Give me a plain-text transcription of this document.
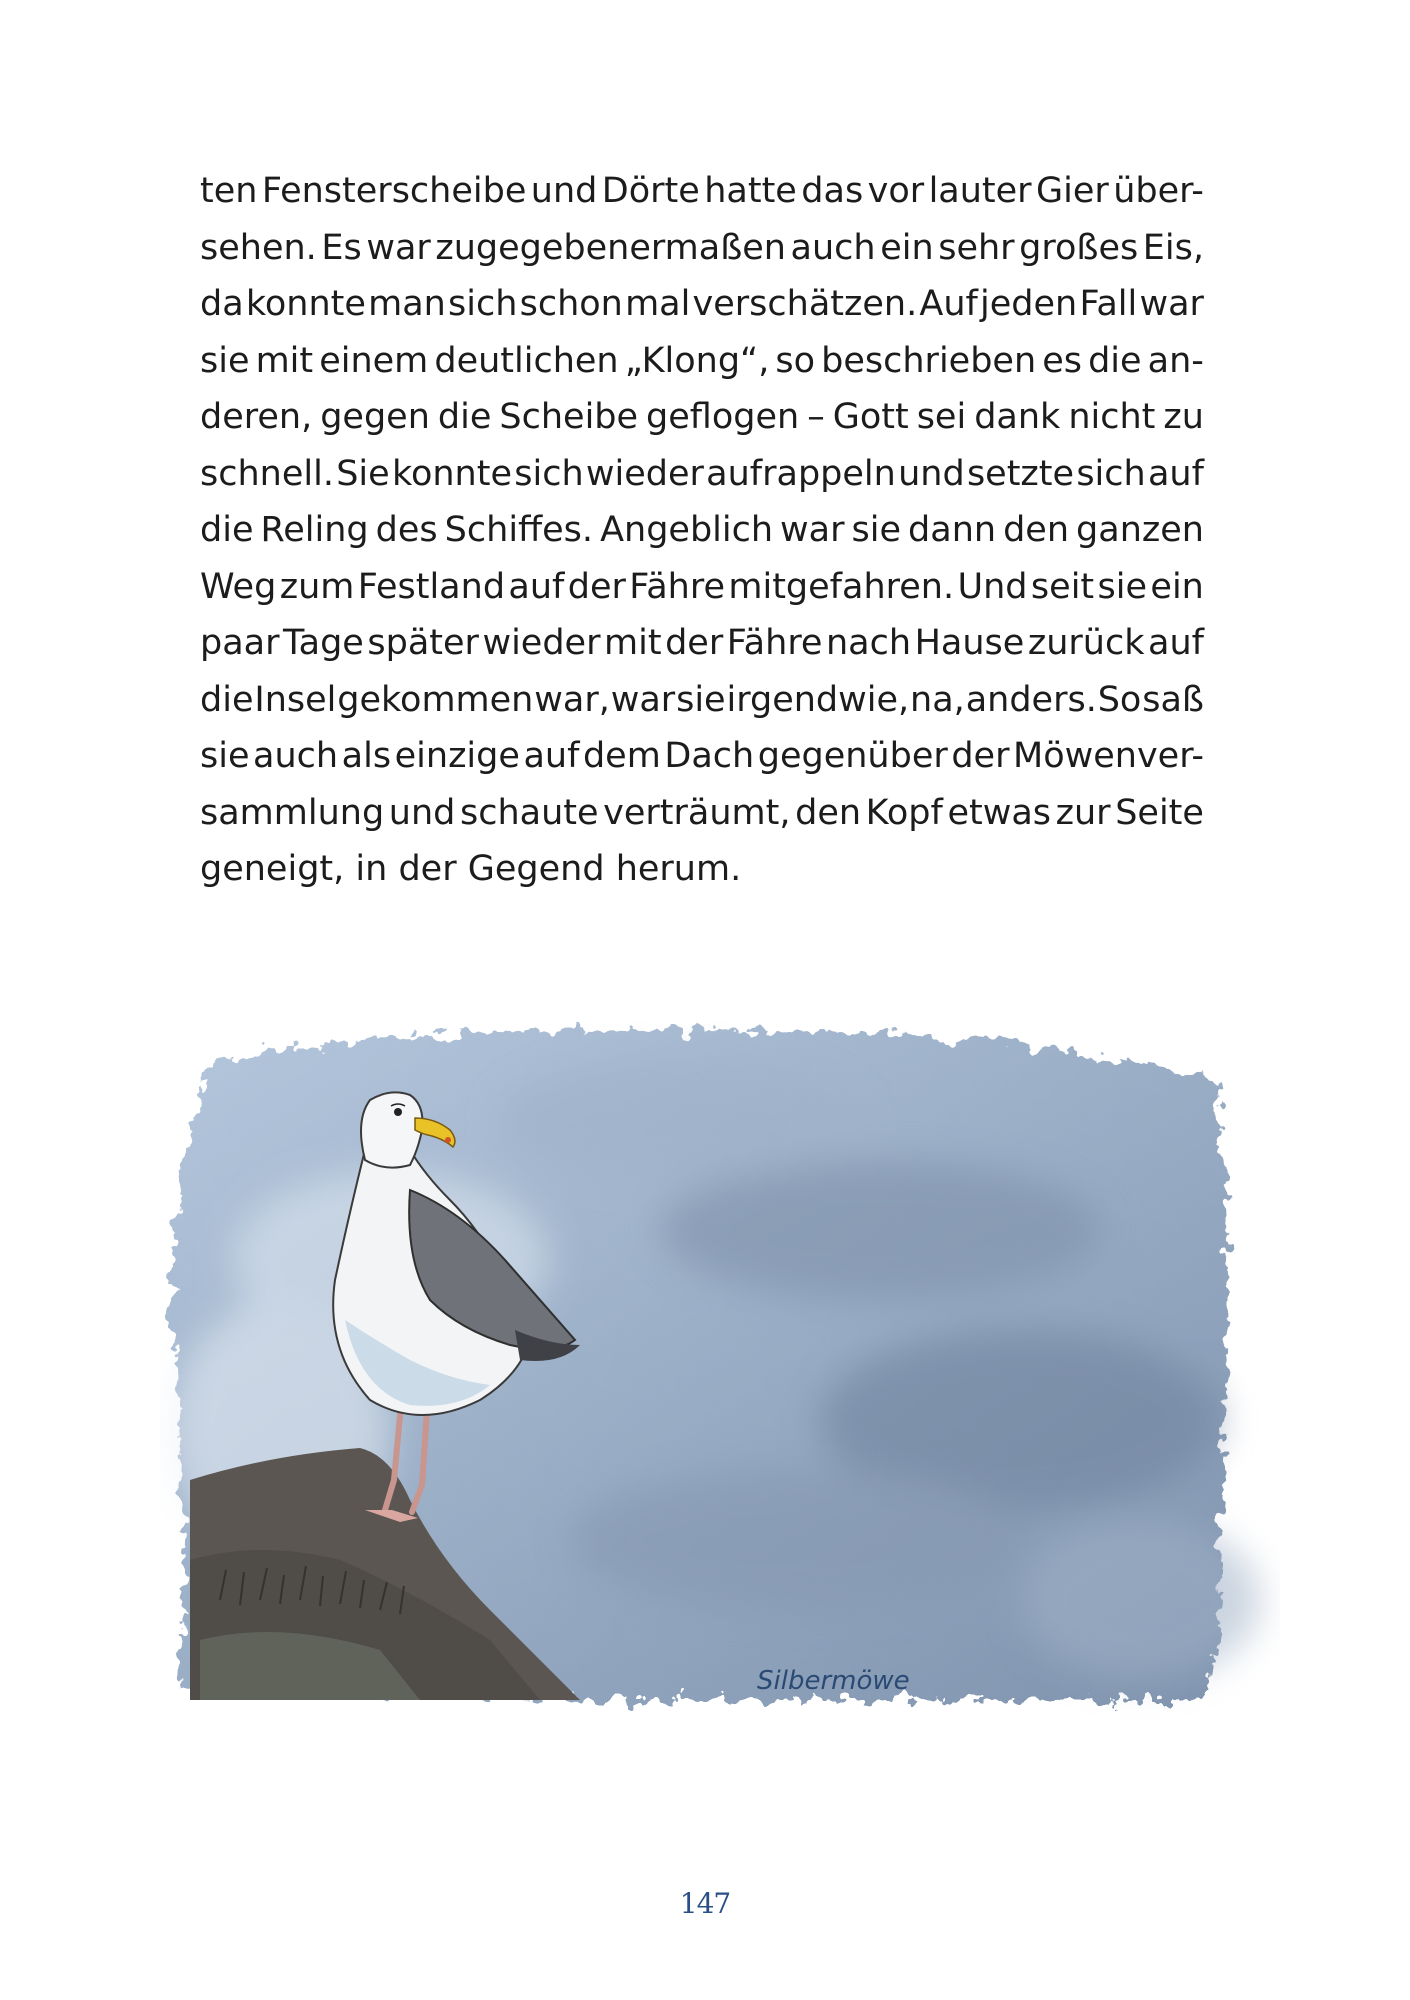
ten Fensterscheibe und Dörte hatte das vor lauter Gier über-
sehen. Es war zugegebenermaßen auch ein sehr großes Eis,
da konnte man sich schon mal verschätzen. Auf jeden Fall war
sie mit einem deutlichen „Klong“, so beschrieben es die an-
deren, gegen die Scheibe geflogen – Gott sei dank nicht zu
schnell. Sie konnte sich wieder aufrappeln und setzte sich auf
die Reling des Schiffes. Angeblich war sie dann den ganzen
Weg zum Festland auf der Fähre mitgefahren. Und seit sie ein
paar Tage später wieder mit der Fähre nach Hause zurück auf
die Insel gekommen war, war sie irgendwie, na, anders. So saß
sie auch als einzige auf dem Dach gegenüber der Möwenver-
sammlung und schaute verträumt, den Kopf etwas zur Seite
geneigt,
in
der
Gegend
herum.
Silbermöwe
147
